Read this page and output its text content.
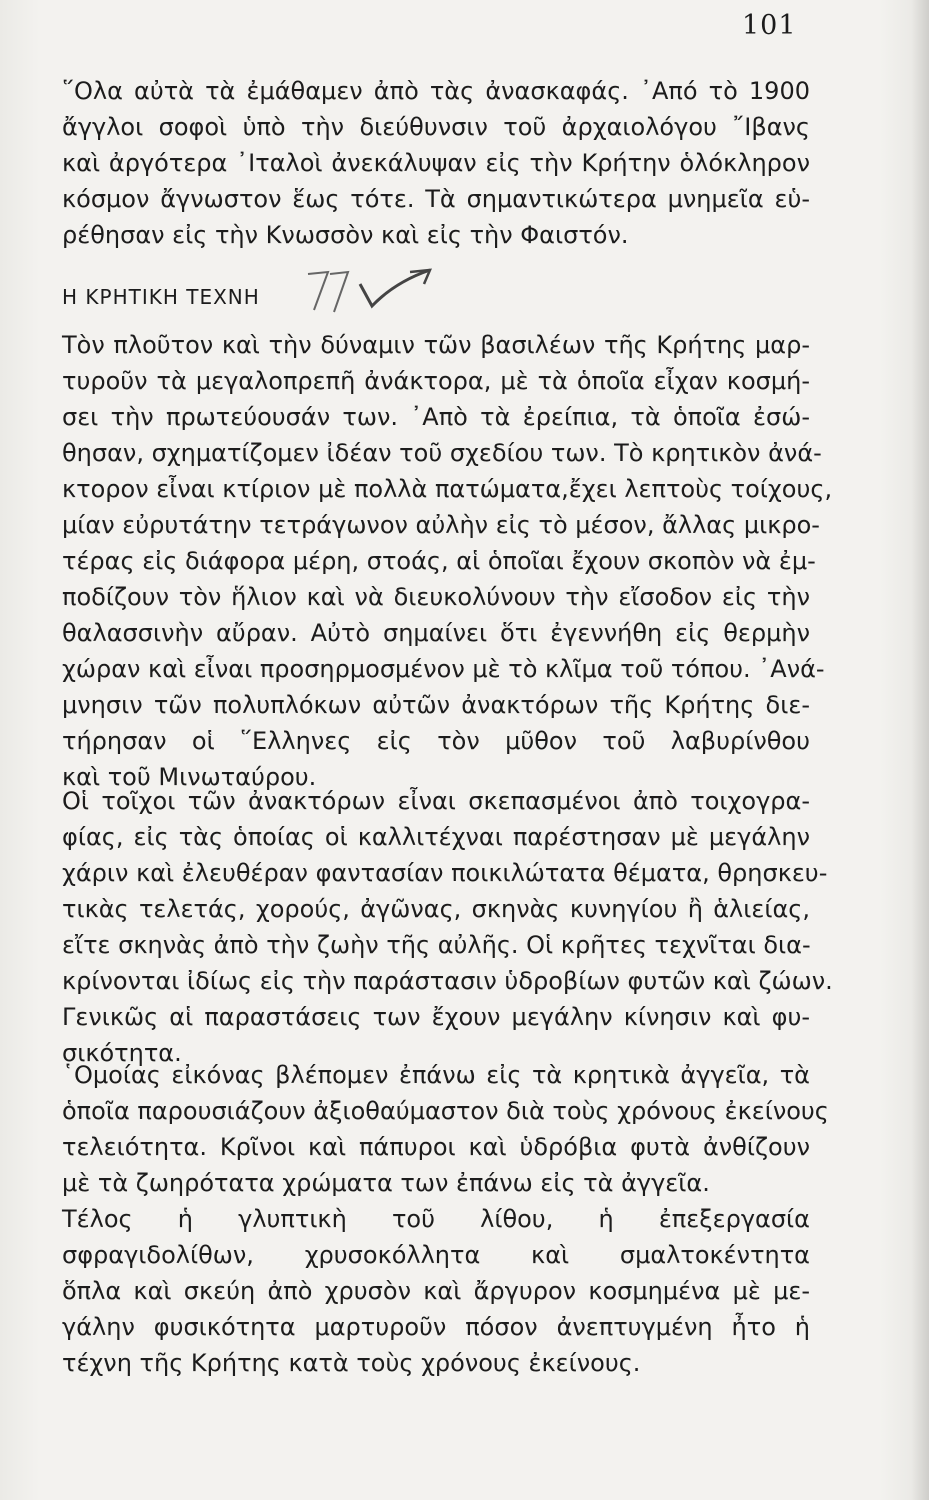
101
῞Ολα αὐτὰ τὰ ἐμάθαμεν ἀπὸ τὰς ἀνασκαφάς. ᾿Από τὸ 1900
ἄγγλοι σοφοὶ ὑπὸ τὴν διεύθυνσιν τοῦ ἀρχαιολόγου ῎Ιβανς
καὶ ἀργότερα ᾿Ιταλοὶ ἀνεκάλυψαν εἰς τὴν Κρήτην ὁλόκληρον
κόσμον ἄγνωστον ἕως τότε. Τὰ σημαντικώτερα μνημεῖα εὑ-
ρέθησαν εἰς τὴν Κνωσσὸν καὶ εἰς τὴν Φαιστόν.
Η ΚΡΗΤΙΚΗ ΤΕΧΝΗ
Τὸν πλοῦτον καὶ τὴν δύναμιν τῶν βασιλέων τῆς Κρήτης μαρ-
τυροῦν τὰ μεγαλοπρεπῆ ἀνάκτορα, μὲ τὰ ὁποῖα εἶχαν κοσμή-
σει τὴν πρωτεύουσάν των. ᾿Απὸ τὰ ἐρείπια, τὰ ὁποῖα ἐσώ-
θησαν, σχηματίζομεν ἰδέαν τοῦ σχεδίου των. Τὸ κρητικὸν ἀνά-
κτορον εἶναι κτίριον μὲ πολλὰ πατώματα,ἔχει λεπτοὺς τοίχους,
μίαν εὐρυτάτην τετράγωνον αὐλὴν εἰς τὸ μέσον, ἄλλας μικρο-
τέρας εἰς διάφορα μέρη, στοάς, αἱ ὁποῖαι ἔχουν σκοπὸν νὰ ἐμ-
ποδίζουν τὸν ἥλιον καὶ νὰ διευκολύνουν τὴν εἴσοδον εἰς τὴν
θαλασσινὴν αὔραν. Αὐτὸ σημαίνει ὅτι ἐγεννήθη εἰς θερμὴν
χώραν καὶ εἶναι προσηρμοσμένον μὲ τὸ κλῖμα τοῦ τόπου. ᾿Ανά-
μνησιν τῶν πολυπλόκων αὐτῶν ἀνακτόρων τῆς Κρήτης διε-
τήρησαν οἱ ῞Ελληνες εἰς τὸν μῦθον τοῦ λαβυρίνθου
καὶ τοῦ Μινωταύρου.
Οἱ τοῖχοι τῶν ἀνακτόρων εἶναι σκεπασμένοι ἀπὸ τοιχογρα-
φίας, εἰς τὰς ὁποίας οἱ καλλιτέχναι παρέστησαν μὲ μεγάλην
χάριν καὶ ἐλευθέραν φαντασίαν ποικιλώτατα θέματα, θρησκευ-
τικὰς τελετάς, χορούς, ἀγῶνας, σκηνὰς κυνηγίου ἢ ἁλιείας,
εἴτε σκηνὰς ἀπὸ τὴν ζωὴν τῆς αὐλῆς. Οἱ κρῆτες τεχνῖται δια-
κρίνονται ἰδίως εἰς τὴν παράστασιν ὑδροβίων φυτῶν καὶ ζώων.
Γενικῶς αἱ παραστάσεις των ἔχουν μεγάλην κίνησιν καὶ φυ-
σικότητα.
῾Ομοίας εἰκόνας βλέπομεν ἐπάνω εἰς τὰ κρητικὰ ἀγγεῖα, τὰ
ὁποῖα παρουσιάζουν ἀξιοθαύμαστον διὰ τοὺς χρόνους ἐκείνους
τελειότητα. Κρῖνοι καὶ πάπυροι καὶ ὑδρόβια φυτὰ ἀνθίζουν
μὲ τὰ ζωηρότατα χρώματα των ἐπάνω εἰς τὰ ἀγγεῖα.
Τέλος ἡ γλυπτικὴ τοῦ λίθου, ἡ ἐπεξεργασία
σφραγιδολίθων, χρυσοκόλλητα καὶ σμαλτοκέντητα
ὅπλα καὶ σκεύη ἀπὸ χρυσὸν καὶ ἄργυρον κοσμημένα μὲ με-
γάλην φυσικότητα μαρτυροῦν πόσον ἀνεπτυγμένη ἦτο ἡ
τέχνη τῆς Κρήτης κατὰ τοὺς χρόνους ἐκείνους.
